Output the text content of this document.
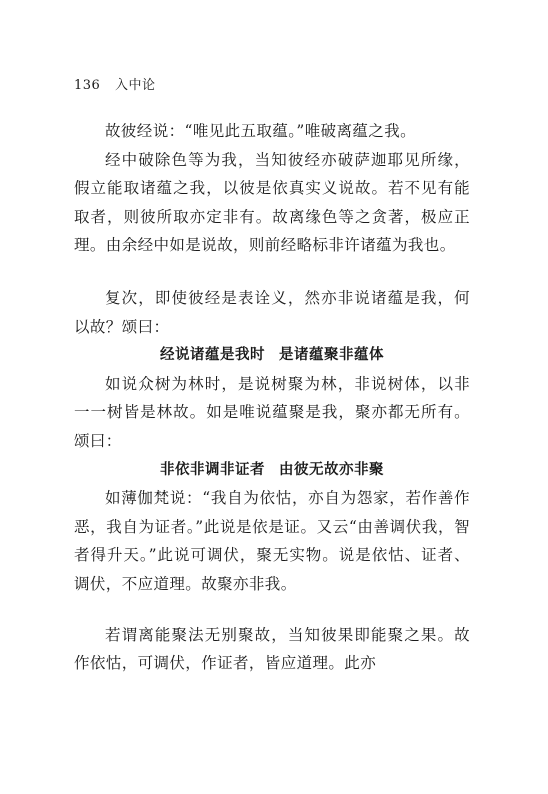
136 入中论

故彼经说：“唯见此五取蕴。”唯破离蕴之我。

经中破除色等为我，当知彼经亦破萨迦耶见所缘，假立能取诸蕴之我，以彼是依真实义说故。若不见有能取者，则彼所取亦定非有。故离缘色等之贪著，极应正理。由余经中如是说故，则前经略标非许诸蕴为我也。

复次，即使彼经是表诠义，然亦非说诸蕴是我，何以故？颂曰：

经说诸蕴是我时 是诸蕴聚非蕴体

如说众树为林时，是说树聚为林，非说树体，以非一一树皆是林故。如是唯说蕴聚是我，聚亦都无所有。颂曰：

非依非调非证者 由彼无故亦非聚

如薄伽梵说：“我自为依怙，亦自为怨家，若作善作恶，我自为证者。”此说是依是证。又云“由善调伏我，智者得升天。”此说可调伏，聚无实物。说是依怙、证者、调伏，不应道理。故聚亦非我。

若谓离能聚法无别聚故，当知彼果即能聚之果。故作依怙，可调伏，作证者，皆应道理。此亦
